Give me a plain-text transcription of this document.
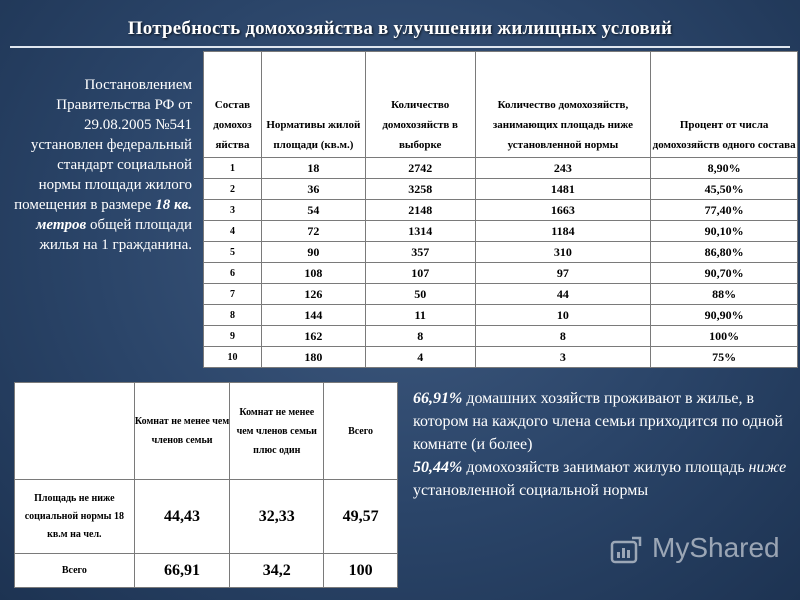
Потребность домохозяйства в улучшении жилищных условий
Постановлением Правительства РФ от 29.08.2005 №541 установлен федеральный стандарт социальной нормы площади жилого помещения в размере 18 кв. метров общей площади жилья на 1 гражданина.
Состав домохоз яйства	Нормативы жилой площади (кв.м.)	Количество домохозяйств в выборке	Количество домохозяйств, занимающих площадь ниже установленной нормы	Процент от числа домохозяйств одного состава
1	18	2742	243	8,90%
2	36	3258	1481	45,50%
3	54	2148	1663	77,40%
4	72	1314	1184	90,10%
5	90	357	310	86,80%
6	108	107	97	90,70%
7	126	50	44	88%
8	144	11	10	90,90%
9	162	8	8	100%
10	180	4	3	75%
	Комнат не менее чем членов семьи	Комнат не менее чем членов семьи плюс один	Всего
Площадь не ниже социальной нормы 18 кв.м на чел.	44,43	32,33	49,57
Всего	66,91	34,2	100
66,91% домашних хозяйств проживают в жилье, в котором на каждого члена семьи приходится по одной комнате (и более)
50,44% домохозяйств занимают жилую площадь ниже установленной социальной нормы
MyShared
